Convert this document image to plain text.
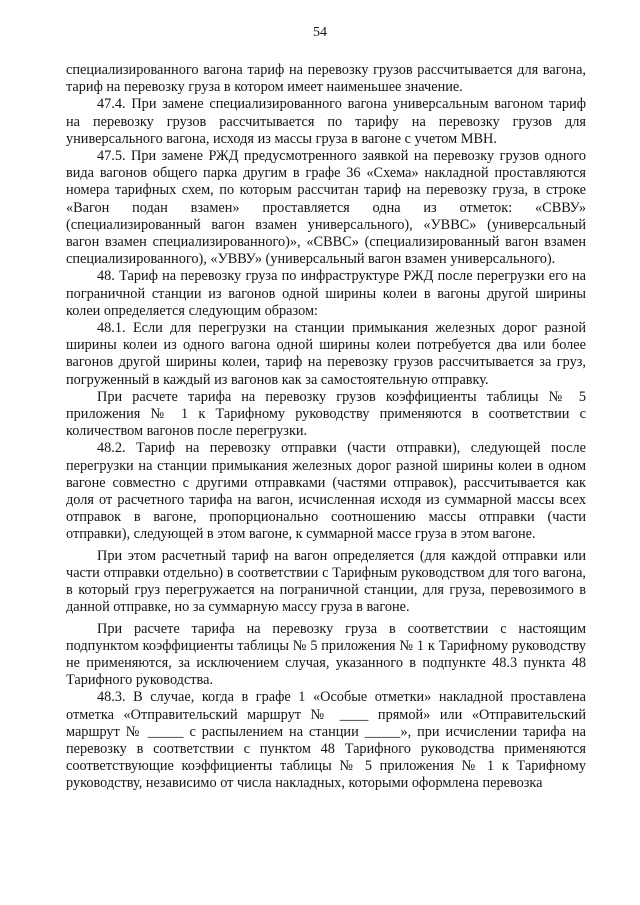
54

специализированного вагона тариф на перевозку грузов рассчитывается для вагона, тариф на перевозку груза в котором имеет наименьшее значение.

47.4. При замене специализированного вагона универсальным вагоном тариф на перевозку грузов рассчитывается по тарифу на перевозку грузов для универсального вагона, исходя из массы груза в вагоне с учетом МВН.

47.5. При замене РЖД предусмотренного заявкой на перевозку грузов одного вида вагонов общего парка другим в графе 36 «Схема» накладной проставляются номера тарифных схем, по которым рассчитан тариф на перевозку груза, в строке «Вагон подан взамен» проставляется одна из отметок: «СВВУ» (специализированный вагон взамен универсального), «УВВС» (универсальный вагон взамен специализированного)», «СВВС» (специализированный вагон взамен специализированного), «УВВУ» (универсальный вагон взамен универсального).

48. Тариф на перевозку груза по инфраструктуре РЖД после перегрузки его на пограничной станции из вагонов одной ширины колеи в вагоны другой ширины колеи определяется следующим образом:

48.1. Если для перегрузки на станции примыкания железных дорог разной ширины колеи из одного вагона одной ширины колеи потребуется два или более вагонов другой ширины колеи, тариф на перевозку грузов рассчитывается за груз, погруженный в каждый из вагонов как за самостоятельную отправку.

При расчете тарифа на перевозку грузов коэффициенты таблицы № 5 приложения № 1 к Тарифному руководству применяются в соответствии с количеством вагонов после перегрузки.

48.2. Тариф на перевозку отправки (части отправки), следующей после перегрузки на станции примыкания железных дорог разной ширины колеи в одном вагоне совместно с другими отправками (частями отправок), рассчитывается как доля от расчетного тарифа на вагон, исчисленная исходя из суммарной массы всех отправок в вагоне, пропорционально соотношению массы отправки (части отправки), следующей в этом вагоне, к суммарной массе груза в этом вагоне.

При этом расчетный тариф на вагон определяется (для каждой отправки или части отправки отдельно) в соответствии с Тарифным руководством для того вагона, в который груз перегружается на пограничной станции, для груза, перевозимого в данной отправке, но за суммарную массу груза в вагоне.

При расчете тарифа на перевозку груза в соответствии с настоящим подпунктом коэффициенты таблицы № 5 приложения № 1 к Тарифному руководству не применяются, за исключением случая, указанного в подпункте 48.3 пункта 48 Тарифного руководства.

48.3. В случае, когда в графе 1 «Особые отметки» накладной проставлена отметка «Отправительский маршрут № ____ прямой» или «Отправительский маршрут № _____ с распылением на станции _____», при исчислении тарифа на перевозку в соответствии с пунктом 48 Тарифного руководства применяются соответствующие коэффициенты таблицы № 5 приложения № 1 к Тарифному руководству, независимо от числа накладных, которыми оформлена перевозка
